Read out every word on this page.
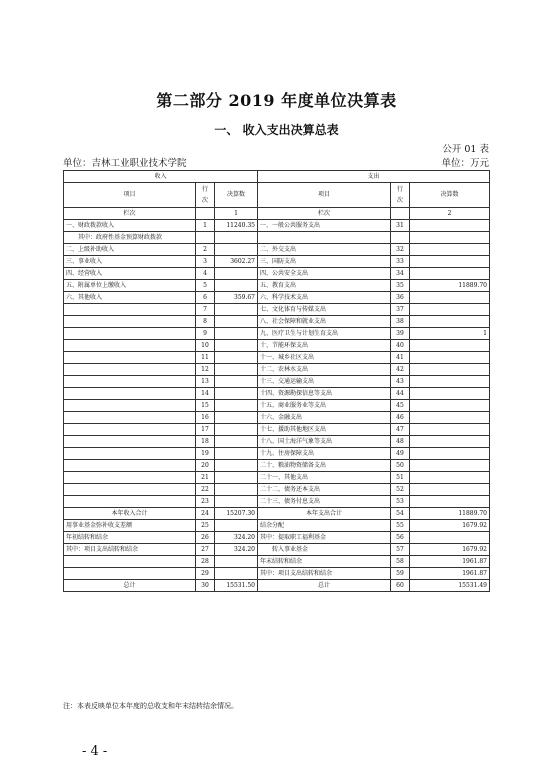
第二部分 2019 年度单位决算表
一、 收入支出决算总表
公开 01 表
单位：吉林工业职业技术学院	单位：万元
收入			支出		
项目	行次	决算数	项目	行次	决算数
栏次		1	栏次		2
一、财政拨款收入	1	11240.35	一、一般公共服务支出	31	
其中：政府性基金预算财政拨款					
二、上级补助收入	2		二、外交支出	32	
三、事业收入	3	3602.27	三、国防支出	33	
四、经营收入	4		四、公共安全支出	34	
五、附属单位上缴收入	5		五、教育支出	35	11889.70
六、其他收入	6	359.67	六、科学技术支出	36	
	7		七、文化体育与传媒支出	37	
	8		八、社会保障和就业支出	38	
	9		九、医疗卫生与计划生育支出	39	1
	10		十、节能环保支出	40	
	11		十一、城乡社区支出	41	
	12		十二、农林水支出	42	
	13		十三、交通运输支出	43	
	14		十四、资源勘探信息等支出	44	
	15		十五、商业服务业等支出	45	
	16		十六、金融支出	46	
	17		十七、援助其他地区支出	47	
	18		十八、国土海洋气象等支出	48	
	19		十九、住房保障支出	49	
	20		二十、粮油物资储备支出	50	
	21		二十一、其他支出	51	
	22		二十二、债务还本支出	52	
	23		二十三、债务付息支出	53	
本年收入合计	24	15207.30	本年支出合计	54	11889.70
用事业基金弥补收支差额	25		结余分配	55	1679.92
年初结转和结余	26	324.20	其中：提取职工福利基金	56	
其中：项目支出结转和结余	27	324.20	转入事业基金	57	1679.92
	28		年末结转和结余	58	1961.87
	29		其中：项目支出结转和结余	59	1961.87
总计	30	15531.50	总计	60	15531.49
注：本表反映单位本年度的总收支和年末结转结余情况。
- 4 -
